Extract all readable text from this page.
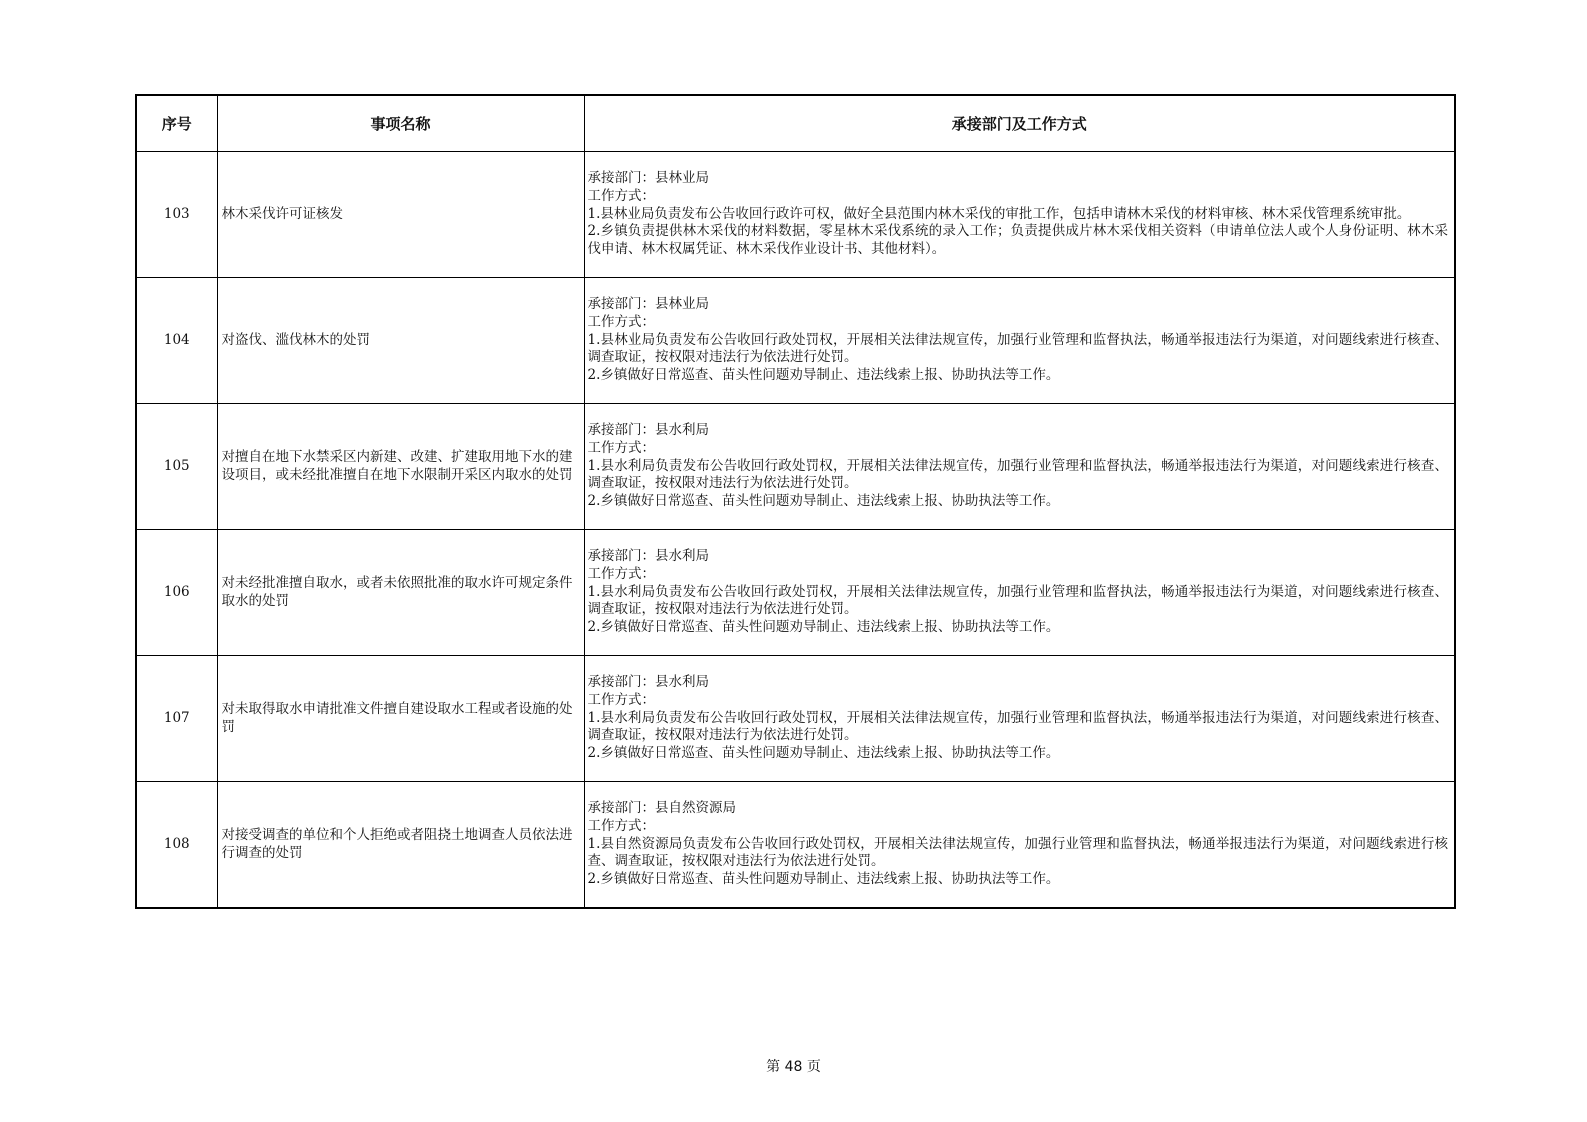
序号	事项名称	承接部门及工作方式
103	林木采伐许可证核发	承接部门：县林业局
工作方式：
1.县林业局负责发布公告收回行政许可权，做好全县范围内林木采伐的审批工作，包括申请林木采伐的材料审核、林木采伐管理系统审批。
2.乡镇负责提供林木采伐的材料数据，零星林木采伐系统的录入工作；负责提供成片林木采伐相关资料（申请单位法人或个人身份证明、林木采伐申请、林木权属凭证、林木采伐作业设计书、其他材料）。

104	对盗伐、滥伐林木的处罚	承接部门：县林业局
工作方式：
1.县林业局负责发布公告收回行政处罚权，开展相关法律法规宣传，加强行业管理和监督执法，畅通举报违法行为渠道，对问题线索进行核查、调查取证，按权限对违法行为依法进行处罚。
2.乡镇做好日常巡查、苗头性问题劝导制止、违法线索上报、协助执法等工作。

105	对擅自在地下水禁采区内新建、改建、扩建取用地下水的建设项目，或未经批准擅自在地下水限制开采区内取水的处罚	承接部门：县水利局
工作方式：
1.县水利局负责发布公告收回行政处罚权，开展相关法律法规宣传，加强行业管理和监督执法，畅通举报违法行为渠道，对问题线索进行核查、调查取证，按权限对违法行为依法进行处罚。
2.乡镇做好日常巡查、苗头性问题劝导制止、违法线索上报、协助执法等工作。

106	对未经批准擅自取水，或者未依照批准的取水许可规定条件取水的处罚	承接部门：县水利局
工作方式：
1.县水利局负责发布公告收回行政处罚权，开展相关法律法规宣传，加强行业管理和监督执法，畅通举报违法行为渠道，对问题线索进行核查、调查取证，按权限对违法行为依法进行处罚。
2.乡镇做好日常巡查、苗头性问题劝导制止、违法线索上报、协助执法等工作。

107	对未取得取水申请批准文件擅自建设取水工程或者设施的处罚	承接部门：县水利局
工作方式：
1.县水利局负责发布公告收回行政处罚权，开展相关法律法规宣传，加强行业管理和监督执法，畅通举报违法行为渠道，对问题线索进行核查、调查取证，按权限对违法行为依法进行处罚。
2.乡镇做好日常巡查、苗头性问题劝导制止、违法线索上报、协助执法等工作。

108	对接受调查的单位和个人拒绝或者阻挠土地调查人员依法进行调查的处罚	承接部门：县自然资源局
工作方式：
1.县自然资源局负责发布公告收回行政处罚权，开展相关法律法规宣传，加强行业管理和监督执法，畅通举报违法行为渠道，对问题线索进行核查、调查取证，按权限对违法行为依法进行处罚。
2.乡镇做好日常巡查、苗头性问题劝导制止、违法线索上报、协助执法等工作。
第 48 页
